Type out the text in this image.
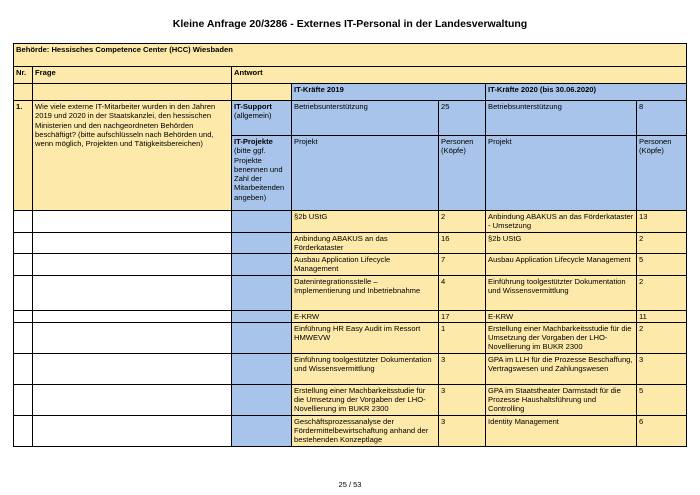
Kleine Anfrage 20/3286 - Externes IT-Personal in der Landesverwaltung
Behörde: Hessisches Competence Center (HCC) Wiesbaden						
Nr.	Frage	Antwort				
			IT-Kräfte 2019		IT-Kräfte 2020 (bis 30.06.2020)	
1.	Wie viele externe IT-Mitarbeiter wurden in den Jahren 2019 und 2020 in der Staatskanzlei, den hessischen Ministerien und den nachgeordneten Behörden beschäftigt? (bitte aufschlüsseln nach Behörden und, wenn möglich, Projekten und Tätigkeitsbereichen)	IT-Support
(allgemein)	Betriebsunterstützung	25	Betriebsunterstützung	8
		IT-Projekte
(bitte ggf. Projekte benennen und Zahl der Mitarbeitenden angeben)	Projekt	Personen (Köpfe)	Projekt	Personen (Köpfe)
			§2b UStG	2	Anbindung ABAKUS an das Förderkataster - Umsetzung	13
			Anbindung ABAKUS an das Förderkataster	16	§2b UStG	2
			Ausbau Application Lifecycle Management	7	Ausbau Application Lifecycle Management	5
			Datenintegrationsstelle – Implementierung und Inbetriebnahme	4	Einführung toolgestützter Dokumentation und Wissensvermittlung	2
			E-KRW	17	E-KRW	11
			Einführung HR Easy Audit im Ressort HMWEVW	1	Erstellung einer Machbarkeitsstudie für die Umsetzung der Vorgaben der LHO-Novellierung im BUKR 2300	2
			Einführung toolgestützter Dokumentation und Wissensvermittlung	3	GPA im LLH für die Prozesse Beschaffung, Vertragswesen und Zahlungswesen	3
			Erstellung einer Machbarkeitsstudie für die Umsetzung der Vorgaben der LHO-Novellierung im BUKR 2300	3	GPA im Staatstheater Darmstadt für die Prozesse Haushaltsführung und Controlling	5
			Geschäftsprozessanalyse der Fördermittelbewirtschaftung anhand der bestehenden Konzeptlage	3	Identity Management	6
25 / 53
